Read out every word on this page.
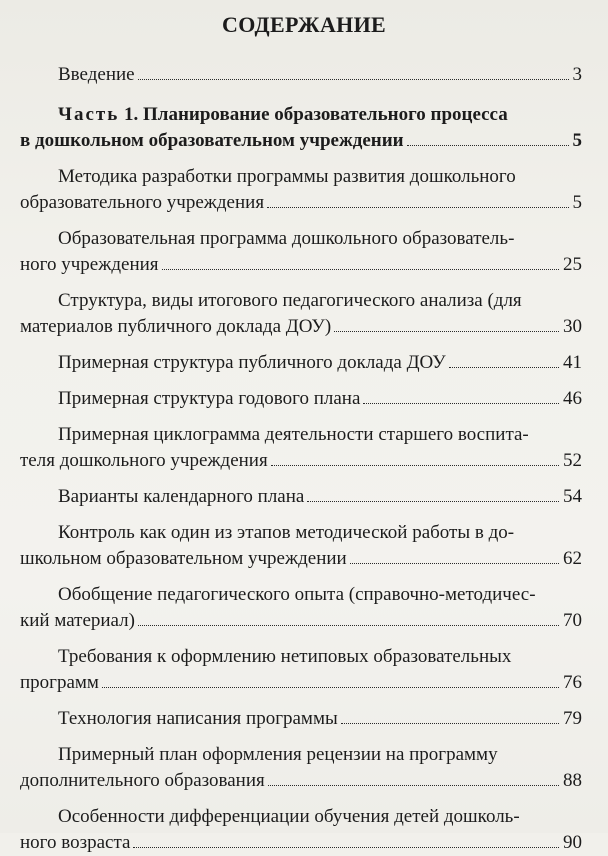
СОДЕРЖАНИЕ
Введение	3
Часть 1. Планирование образовательного процесса
в дошкольном образовательном учреждении	5
Методика разработки программы развития дошкольного
образовательного учреждения	5
Образовательная программа дошкольного образователь-
ного учреждения	25
Структура, виды итогового педагогического анализа (для
материалов публичного доклада ДОУ)	30
Примерная структура публичного доклада ДОУ	41
Примерная структура годового плана	46
Примерная циклограмма деятельности старшего воспита-
теля дошкольного учреждения	52
Варианты календарного плана	54
Контроль как один из этапов методической работы в до-
школьном образовательном учреждении	62
Обобщение педагогического опыта (справочно-методичес-
кий материал)	70
Требования к оформлению нетиповых образовательных
программ	76
Технология написания программы	79
Примерный план оформления рецензии на программу
дополнительного образования	88
Особенности дифференциации обучения детей дошколь-
ного возраста	90
